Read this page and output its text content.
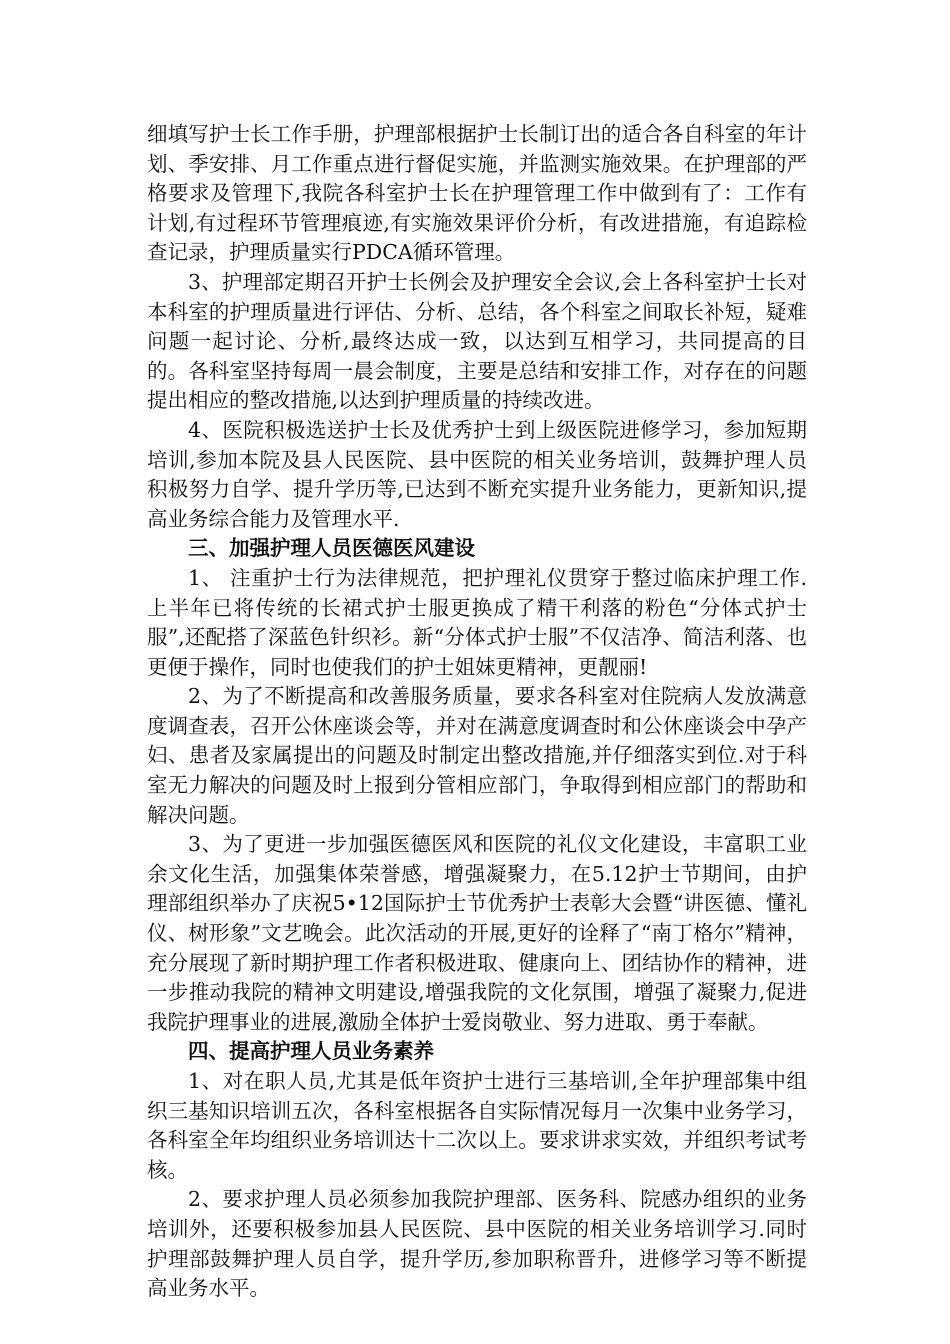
细填写护士长工作手册，护理部根据护士长制订出的适合各自科室的年计划、季安排、月工作重点进行督促实施，并监测实施效果。在护理部的严格要求及管理下,我院各科室护士长在护理管理工作中做到有了：工作有计划,有过程环节管理痕迹,有实施效果评价分析，有改进措施，有追踪检查记录，护理质量实行PDCA循环管理。

3、护理部定期召开护士长例会及护理安全会议,会上各科室护士长对本科室的护理质量进行评估、分析、总结，各个科室之间取长补短，疑难问题一起讨论、分析,最终达成一致，以达到互相学习，共同提高的目的。各科室坚持每周一晨会制度，主要是总结和安排工作，对存在的问题提出相应的整改措施,以达到护理质量的持续改进。

4、医院积极选送护士长及优秀护士到上级医院进修学习，参加短期培训,参加本院及县人民医院、县中医院的相关业务培训，鼓舞护理人员积极努力自学、提升学历等,已达到不断充实提升业务能力，更新知识,提高业务综合能力及管理水平.

三、加强护理人员医德医风建设

1、 注重护士行为法律规范，把护理礼仪贯穿于整过临床护理工作.上半年已将传统的长裙式护士服更换成了精干利落的粉色“分体式护士服”,还配搭了深蓝色针织衫。新“分体式护士服”不仅洁净、简洁利落、也更便于操作，同时也使我们的护士姐妹更精神，更靓丽!

2、为了不断提高和改善服务质量，要求各科室对住院病人发放满意度调查表，召开公休座谈会等，并对在满意度调查时和公休座谈会中孕产妇、患者及家属提出的问题及时制定出整改措施,并仔细落实到位.对于科室无力解决的问题及时上报到分管相应部门，争取得到相应部门的帮助和解决问题。

3、为了更进一步加强医德医风和医院的礼仪文化建设，丰富职工业余文化生活，加强集体荣誉感，增强凝聚力，在5.12护士节期间，由护理部组织举办了庆祝5•12国际护士节优秀护士表彰大会暨“讲医德、懂礼仪、树形象”文艺晚会。此次活动的开展,更好的诠释了“南丁格尔”精神，充分展现了新时期护理工作者积极进取、健康向上、团结协作的精神，进一步推动我院的精神文明建设,增强我院的文化氛围，增强了凝聚力,促进我院护理事业的进展,激励全体护士爱岗敬业、努力进取、勇于奉献。

四、提高护理人员业务素养

1、对在职人员,尤其是低年资护士进行三基培训,全年护理部集中组织三基知识培训五次，各科室根据各自实际情况每月一次集中业务学习，各科室全年均组织业务培训达十二次以上。要求讲求实效，并组织考试考核。

2、要求护理人员必须参加我院护理部、医务科、院感办组织的业务培训外，还要积极参加县人民医院、县中医院的相关业务培训学习.同时护理部鼓舞护理人员自学，提升学历,参加职称晋升，进修学习等不断提高业务水平。
